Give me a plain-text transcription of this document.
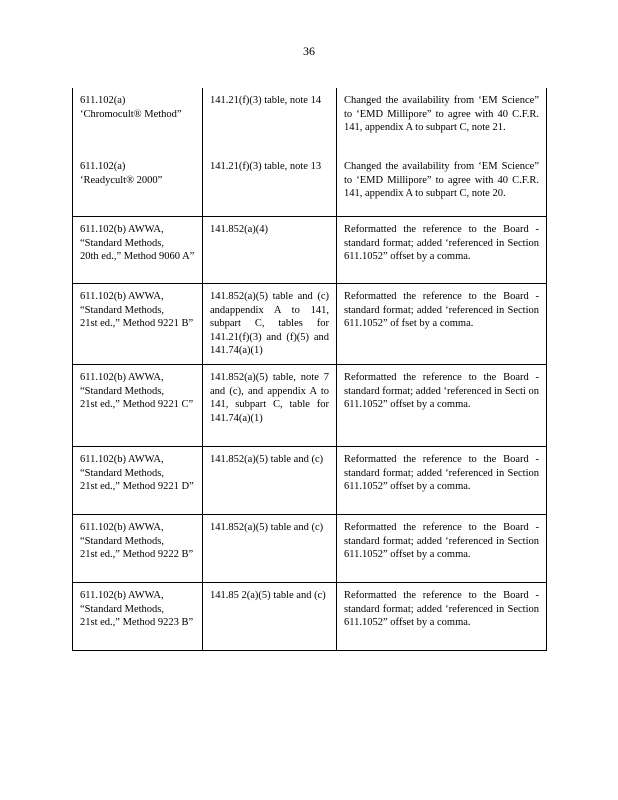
36
611.102(a)
‘Chromocult® Method”	141.21(f)(3) table, note 14	Changed the availability from ‘EM Science” to ‘EMD Millipore” to agree with 40 C.F.R. 141, appendix A to subpart C, note 21.
611.102(a)
‘Readycult® 2000”	141.21(f)(3) table, note 13	Changed the availability from ‘EM Science” to ‘EMD Millipore” to agree with 40 C.F.R. 141, appendix A to subpart C, note 20.
611.102(b) AWWA,
“Standard Methods,
20th ed.,” Method 9060 A”	141.852(a)(4)	Reformatted the reference to the Board - standard format; added ‘referenced in Section 611.1052” offset by a comma.
611.102(b) AWWA,
“Standard Methods,
21st ed.,” Method 9221 B”	141.852(a)(5) table and (c) andappendix A to 141, subpart C, tables for 141.21(f)(3) and (f)(5) and 141.74(a)(1)	Reformatted the reference to the Board - standard format; added ‘referenced in Section 611.1052” of fset by a comma.
611.102(b) AWWA,
“Standard Methods,
21st ed.,” Method 9221 C”	141.852(a)(5) table, note 7 and (c), and appendix A to 141, subpart C, table for 141.74(a)(1)	Reformatted the reference to the Board - standard format; added ‘referenced in Secti on 611.1052” offset by a comma.
611.102(b) AWWA,
“Standard Methods,
21st ed.,” Method 9221 D”	141.852(a)(5) table and (c)	Reformatted the reference to the Board - standard format; added ‘referenced in Section 611.1052” offset by a comma.
611.102(b) AWWA,
“Standard Methods,
21st ed.,” Method 9222 B”	141.852(a)(5) table and (c)	Reformatted the reference to the Board - standard format; added ‘referenced in Section 611.1052” offset by a comma.
611.102(b) AWWA,
“Standard Methods,
21st ed.,” Method 9223 B”	141.85 2(a)(5) table and (c)	Reformatted the reference to the Board - standard format; added ‘referenced in Section 611.1052” offset by a comma.
